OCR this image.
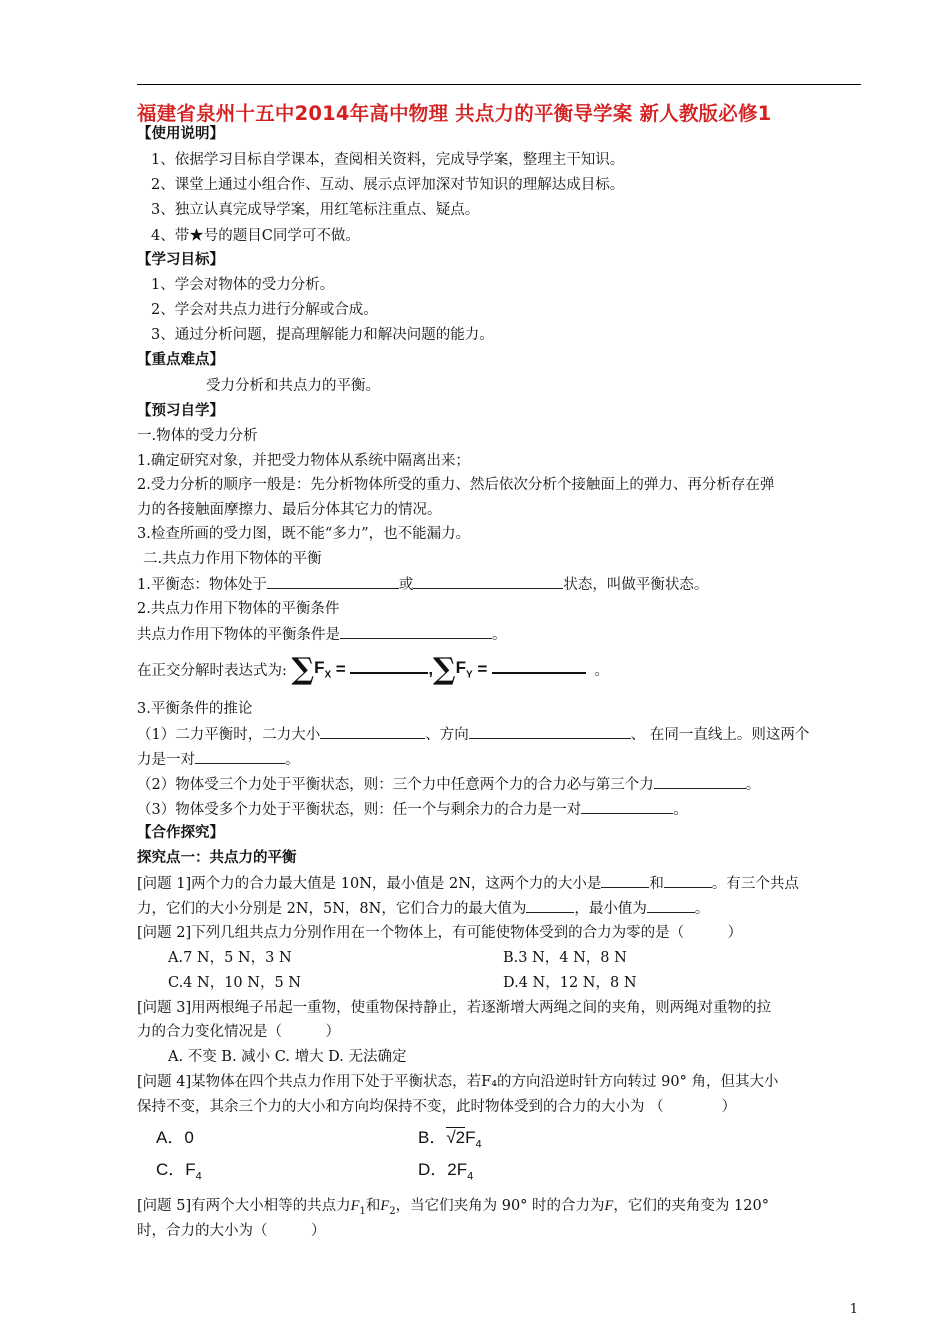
福建省泉州十五中2014年高中物理 共点力的平衡导学案 新人教版必修1
【使用说明】
1、依据学习目标自学课本，查阅相关资料，完成导学案，整理主干知识。
2、课堂上通过小组合作、互动、展示点评加深对节知识的理解达成目标。
3、独立认真完成导学案，用红笔标注重点、疑点。
4、带★号的题目C同学可不做。
【学习目标】
1、学会对物体的受力分析。
2、学会对共点力进行分解或合成。
3、通过分析问题，提高理解能力和解决问题的能力。
【重点难点】
受力分析和共点力的平衡。
【预习自学】
一.物体的受力分析
1.确定研究对象，并把受力物体从系统中隔离出来；
2.受力分析的顺序一般是：先分析物体所受的重力、然后依次分析个接触面上的弹力、再分析存在弹
力的各接触面摩擦力、最后分体其它力的情况。
3.检查所画的受力图，既不能“多力”，也不能漏力。
二.共点力作用下物体的平衡
1.平衡态：物体处于	或	状态，叫做平衡状态。
2.共点力作用下物体的平衡条件
共点力作用下物体的平衡条件是	。
在正交分解时表达式为: $\sum F_X$ =	$,\sum F_Y$ =	。
3.平衡条件的推论
（1）二力平衡时，二力大小	、方向	、 在同一直线上。则这两个
力是一对	。
（2）物体受三个力处于平衡状态，则：三个力中任意两个力的合力必与第三个力	。
（3）物体受多个力处于平衡状态，则：任一个与剩余力的合力是一对	。
【合作探究】
探究点一：共点力的平衡
[问题 1]两个力的合力最大值是 10N，最小值是 2N，这两个力的大小是	和	。有三个共点
力，它们的大小分别是 2N，5N，8N，它们合力的最大值为	，最小值为	。
[问题 2]下列几组共点力分别作用在一个物体上，有可能使物体受到的合力为零的是（　　　）
A.7 N，5 N，3 N	B.3 N，4 N，8 N
C.4 N，10 N，5 N	D.4 N，12 N，8 N
[问题 3]用两根绳子吊起一重物，使重物保持静止，若逐渐增大两绳之间的夹角，则两绳对重物的拉
力的合力变化情况是（　　　）
A. 不变 B. 减小 C. 增大 D. 无法确定
[问题 4]某物体在四个共点力作用下处于平衡状态，若F₄的方向沿逆时针方向转过 90° 角，但其大小
保持不变，其余三个力的大小和方向均保持不变，此时物体受到的合力的大小为 （　　　　）
A．0	B．$√2F_4$
C．$F_4$	D．$2F_4$
[问题 5]有两个大小相等的共点力$F_1$和$F_2$，当它们夹角为 90° 时的合力为F，它们的夹角变为 120°
时，合力的大小为（　　　）
1
